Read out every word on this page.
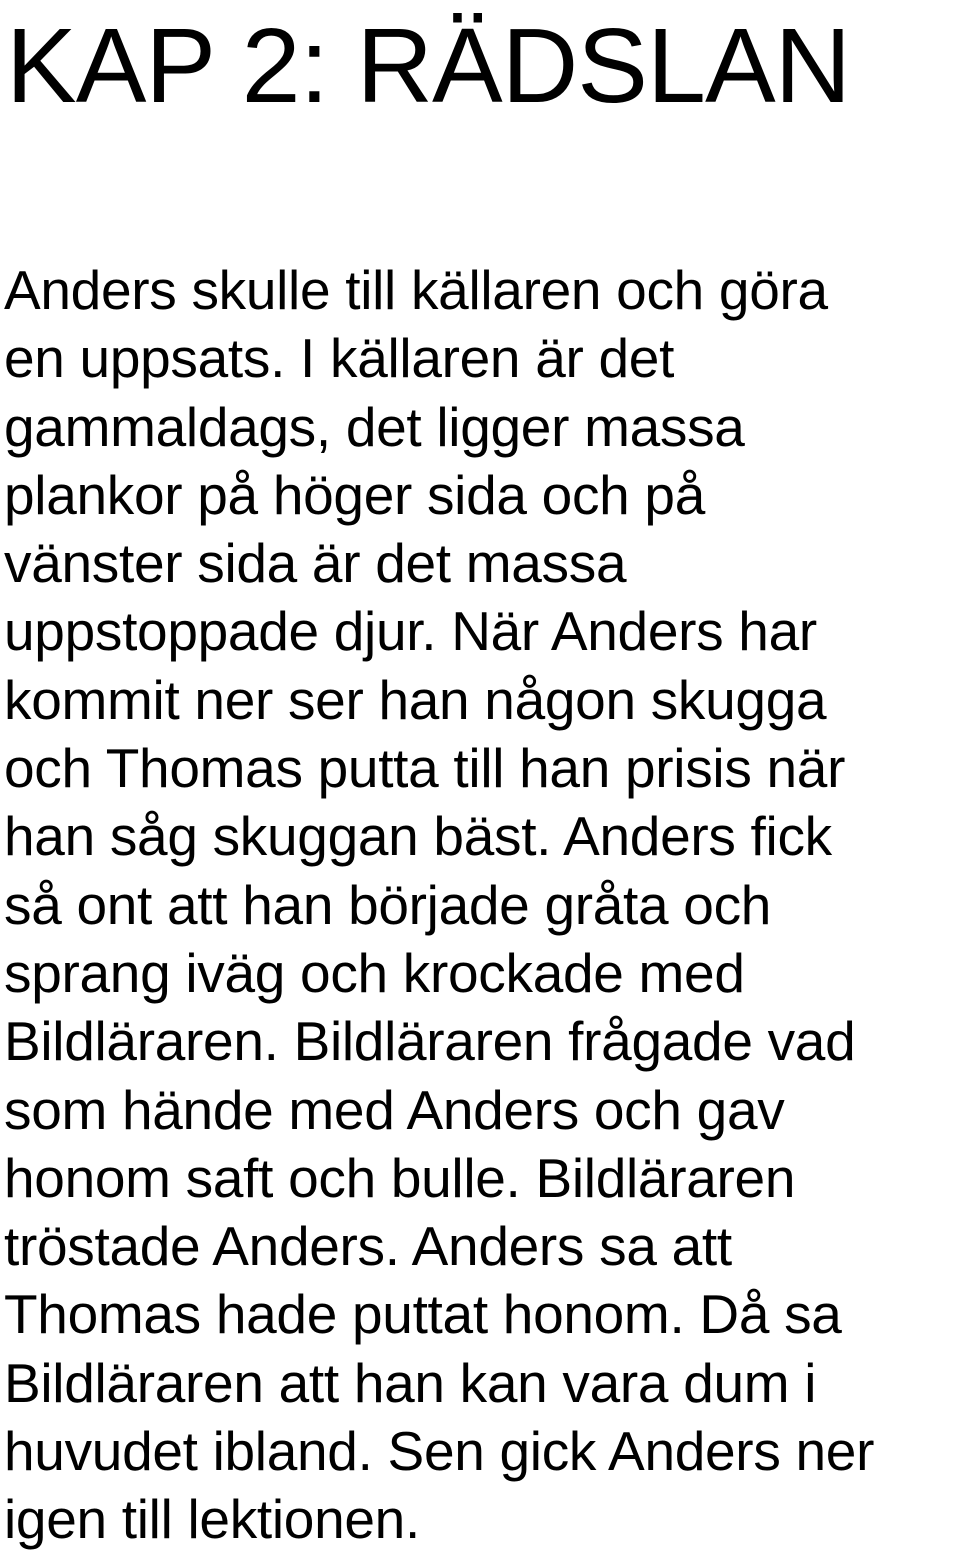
KAP 2: RÄDSLAN
Anders skulle till källaren och göra
en uppsats. I källaren är det
gammaldags, det ligger massa
plankor på höger sida och på
vänster sida är det massa
uppstoppade djur. När Anders har
kommit ner ser han någon skugga
och Thomas putta till han prisis när
han såg skuggan bäst. Anders fick
så ont att han började gråta och
sprang iväg och krockade med
Bildläraren. Bildläraren frågade vad
som hände med Anders och gav
honom saft och bulle. Bildläraren
tröstade Anders. Anders sa att
Thomas hade puttat honom. Då sa
Bildläraren att han kan vara dum i
huvudet ibland. Sen gick Anders ner
igen till lektionen.
